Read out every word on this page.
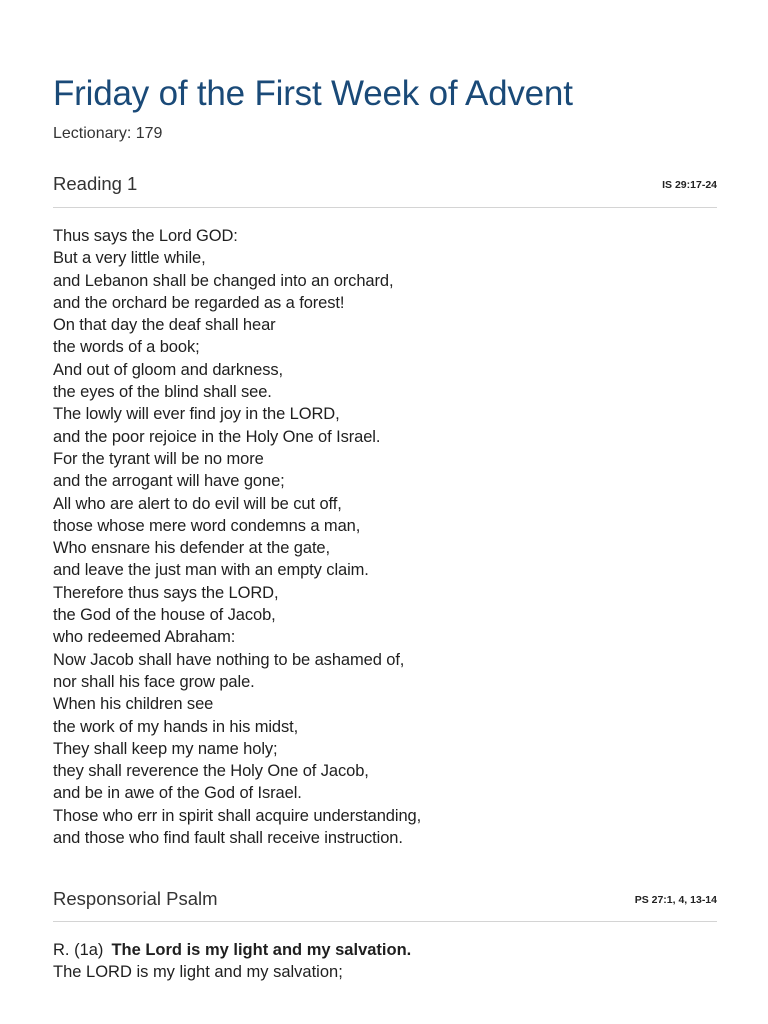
Friday of the First Week of Advent
Lectionary: 179
Reading 1	IS 29:17-24
Thus says the Lord GOD:
But a very little while,
and Lebanon shall be changed into an orchard,
and the orchard be regarded as a forest!
On that day the deaf shall hear
the words of a book;
And out of gloom and darkness,
the eyes of the blind shall see.
The lowly will ever find joy in the LORD,
and the poor rejoice in the Holy One of Israel.
For the tyrant will be no more
and the arrogant will have gone;
All who are alert to do evil will be cut off,
those whose mere word condemns a man,
Who ensnare his defender at the gate,
and leave the just man with an empty claim.
Therefore thus says the LORD,
the God of the house of Jacob,
who redeemed Abraham:
Now Jacob shall have nothing to be ashamed of,
nor shall his face grow pale.
When his children see
the work of my hands in his midst,
They shall keep my name holy;
they shall reverence the Holy One of Jacob,
and be in awe of the God of Israel.
Those who err in spirit shall acquire understanding,
and those who find fault shall receive instruction.
Responsorial Psalm	PS 27:1, 4, 13-14
R. (1a) The Lord is my light and my salvation.
The LORD is my light and my salvation;
